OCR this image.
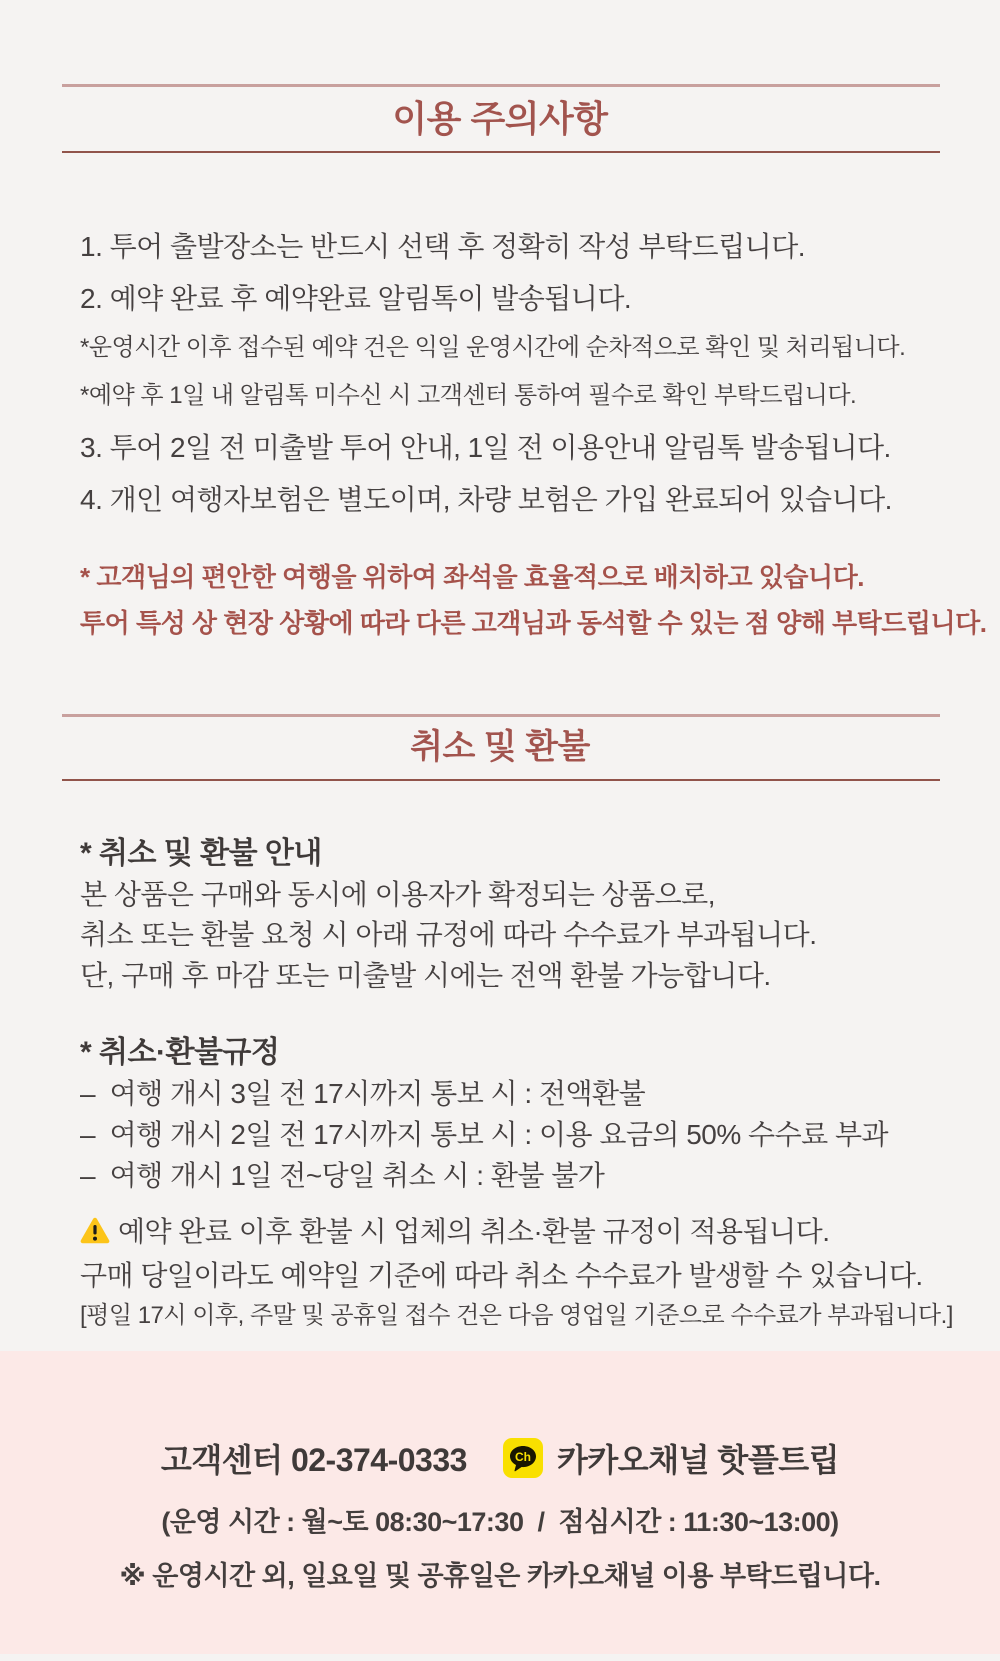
이용 주의사항

1. 투어 출발장소는 반드시 선택 후 정확히 작성 부탁드립니다.

2. 예약 완료 후 예약완료 알림톡이 발송됩니다.

*운영시간 이후 접수된 예약 건은 익일 운영시간에 순차적으로 확인 및 처리됩니다.

*예약 후 1일 내 알림톡 미수신 시 고객센터 통하여 필수로 확인 부탁드립니다.

3. 투어 2일 전 미출발 투어 안내, 1일 전 이용안내 알림톡 발송됩니다.

4. 개인 여행자보험은 별도이며, 차량 보험은 가입 완료되어 있습니다.

* 고객님의 편안한 여행을 위하여 좌석을 효율적으로 배치하고 있습니다.

투어 특성 상 현장 상황에 따라 다른 고객님과 동석할 수 있는 점 양해 부탁드립니다.

취소 및 환불
* 취소 및 환불 안내

본 상품은 구매와 동시에 이용자가 확정되는 상품으로,

취소 또는 환불 요청 시 아래 규정에 따라 수수료가 부과됩니다.

단, 구매 후 마감 또는 미출발 시에는 전액 환불 가능합니다.

* 취소·환불규정

–  여행 개시 3일 전 17시까지 통보 시 : 전액환불

–  여행 개시 2일 전 17시까지 통보 시 : 이용 요금의 50% 수수료 부과

–  여행 개시 1일 전~당일 취소 시 : 환불 불가

예약 완료 이후 환불 시 업체의 취소·환불 규정이 적용됩니다.

구매 당일이라도 예약일 기준에 따라 취소 수수료가 발생할 수 있습니다.

[평일 17시 이후, 주말 및 공휴일 접수 건은 다음 영업일 기준으로 수수료가 부과됩니다.]

고객센터 02-374-0333	Ch 카카오채널 핫플트립

(운영 시간 : 월~토 08:30~17:30  /  점심시간 : 11:30~13:00)

※ 운영시간 외, 일요일 및 공휴일은 카카오채널 이용 부탁드립니다.
